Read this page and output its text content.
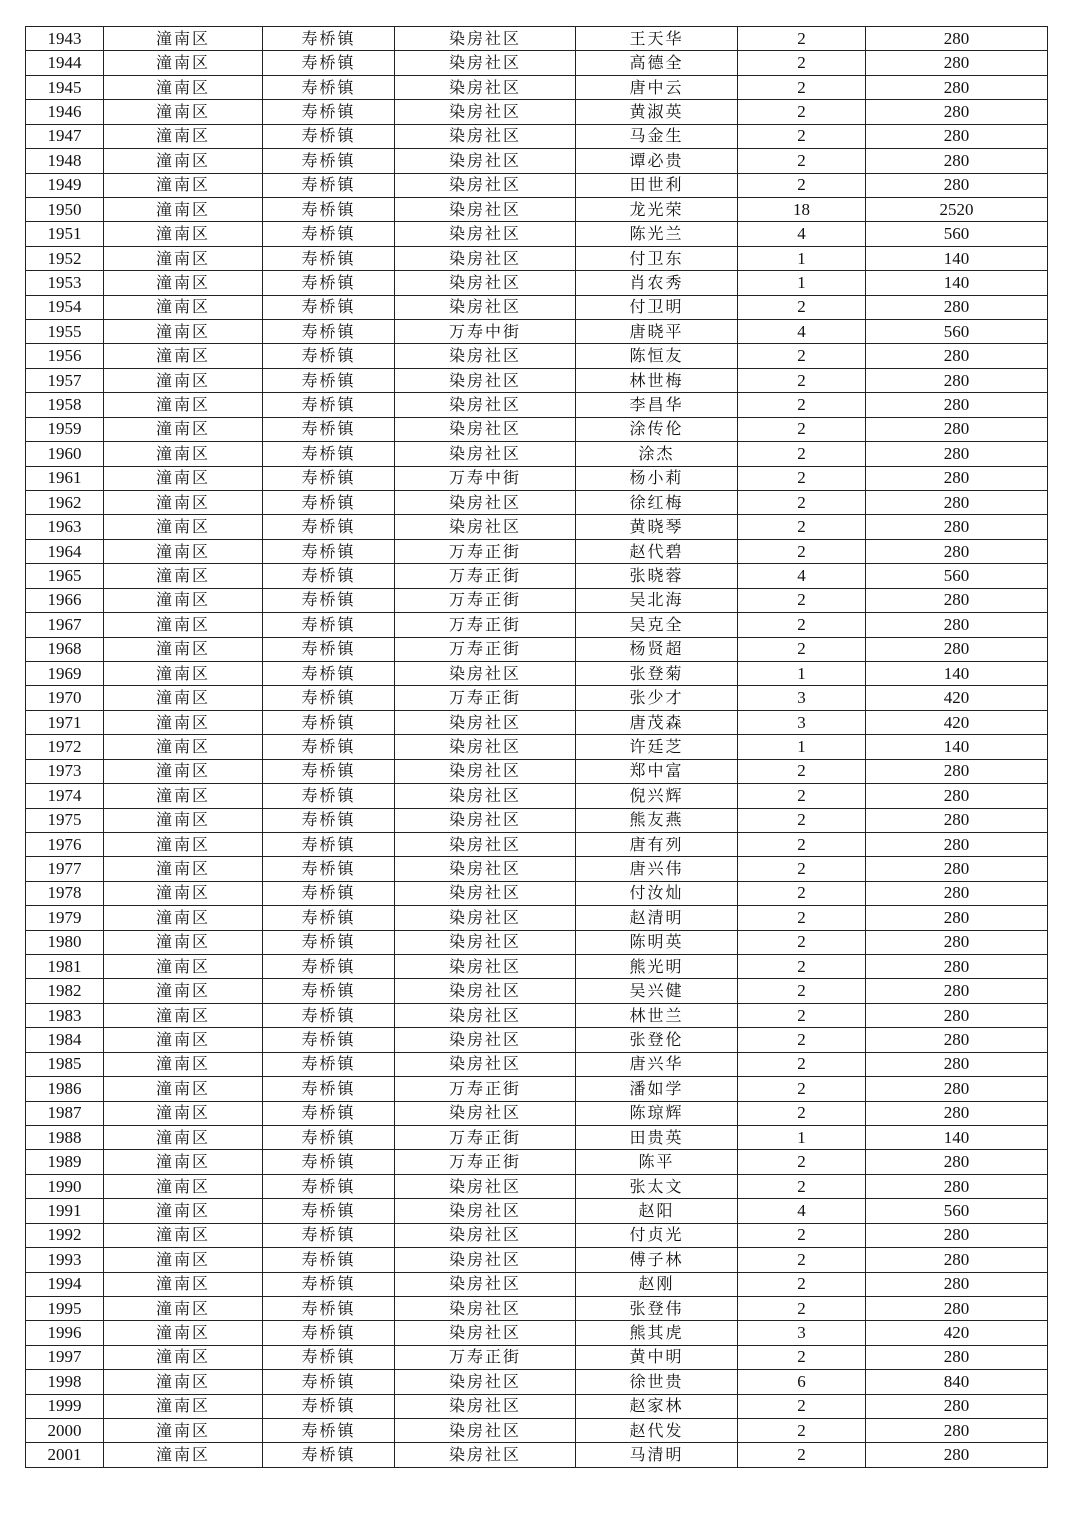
1943	潼南区	寿桥镇	染房社区	王天华	2	280
1944	潼南区	寿桥镇	染房社区	高德全	2	280
1945	潼南区	寿桥镇	染房社区	唐中云	2	280
1946	潼南区	寿桥镇	染房社区	黄淑英	2	280
1947	潼南区	寿桥镇	染房社区	马金生	2	280
1948	潼南区	寿桥镇	染房社区	谭必贵	2	280
1949	潼南区	寿桥镇	染房社区	田世利	2	280
1950	潼南区	寿桥镇	染房社区	龙光荣	18	2520
1951	潼南区	寿桥镇	染房社区	陈光兰	4	560
1952	潼南区	寿桥镇	染房社区	付卫东	1	140
1953	潼南区	寿桥镇	染房社区	肖农秀	1	140
1954	潼南区	寿桥镇	染房社区	付卫明	2	280
1955	潼南区	寿桥镇	万寿中街	唐晓平	4	560
1956	潼南区	寿桥镇	染房社区	陈恒友	2	280
1957	潼南区	寿桥镇	染房社区	林世梅	2	280
1958	潼南区	寿桥镇	染房社区	李昌华	2	280
1959	潼南区	寿桥镇	染房社区	涂传伦	2	280
1960	潼南区	寿桥镇	染房社区	涂杰	2	280
1961	潼南区	寿桥镇	万寿中街	杨小莉	2	280
1962	潼南区	寿桥镇	染房社区	徐红梅	2	280
1963	潼南区	寿桥镇	染房社区	黄晓琴	2	280
1964	潼南区	寿桥镇	万寿正街	赵代碧	2	280
1965	潼南区	寿桥镇	万寿正街	张晓蓉	4	560
1966	潼南区	寿桥镇	万寿正街	吴北海	2	280
1967	潼南区	寿桥镇	万寿正街	吴克全	2	280
1968	潼南区	寿桥镇	万寿正街	杨贤超	2	280
1969	潼南区	寿桥镇	染房社区	张登菊	1	140
1970	潼南区	寿桥镇	万寿正街	张少才	3	420
1971	潼南区	寿桥镇	染房社区	唐茂森	3	420
1972	潼南区	寿桥镇	染房社区	许廷芝	1	140
1973	潼南区	寿桥镇	染房社区	郑中富	2	280
1974	潼南区	寿桥镇	染房社区	倪兴辉	2	280
1975	潼南区	寿桥镇	染房社区	熊友燕	2	280
1976	潼南区	寿桥镇	染房社区	唐有列	2	280
1977	潼南区	寿桥镇	染房社区	唐兴伟	2	280
1978	潼南区	寿桥镇	染房社区	付汝灿	2	280
1979	潼南区	寿桥镇	染房社区	赵清明	2	280
1980	潼南区	寿桥镇	染房社区	陈明英	2	280
1981	潼南区	寿桥镇	染房社区	熊光明	2	280
1982	潼南区	寿桥镇	染房社区	吴兴健	2	280
1983	潼南区	寿桥镇	染房社区	林世兰	2	280
1984	潼南区	寿桥镇	染房社区	张登伦	2	280
1985	潼南区	寿桥镇	染房社区	唐兴华	2	280
1986	潼南区	寿桥镇	万寿正街	潘如学	2	280
1987	潼南区	寿桥镇	染房社区	陈琼辉	2	280
1988	潼南区	寿桥镇	万寿正街	田贵英	1	140
1989	潼南区	寿桥镇	万寿正街	陈平	2	280
1990	潼南区	寿桥镇	染房社区	张太文	2	280
1991	潼南区	寿桥镇	染房社区	赵阳	4	560
1992	潼南区	寿桥镇	染房社区	付贞光	2	280
1993	潼南区	寿桥镇	染房社区	傅子林	2	280
1994	潼南区	寿桥镇	染房社区	赵刚	2	280
1995	潼南区	寿桥镇	染房社区	张登伟	2	280
1996	潼南区	寿桥镇	染房社区	熊其虎	3	420
1997	潼南区	寿桥镇	万寿正街	黄中明	2	280
1998	潼南区	寿桥镇	染房社区	徐世贵	6	840
1999	潼南区	寿桥镇	染房社区	赵家林	2	280
2000	潼南区	寿桥镇	染房社区	赵代发	2	280
2001	潼南区	寿桥镇	染房社区	马清明	2	280
